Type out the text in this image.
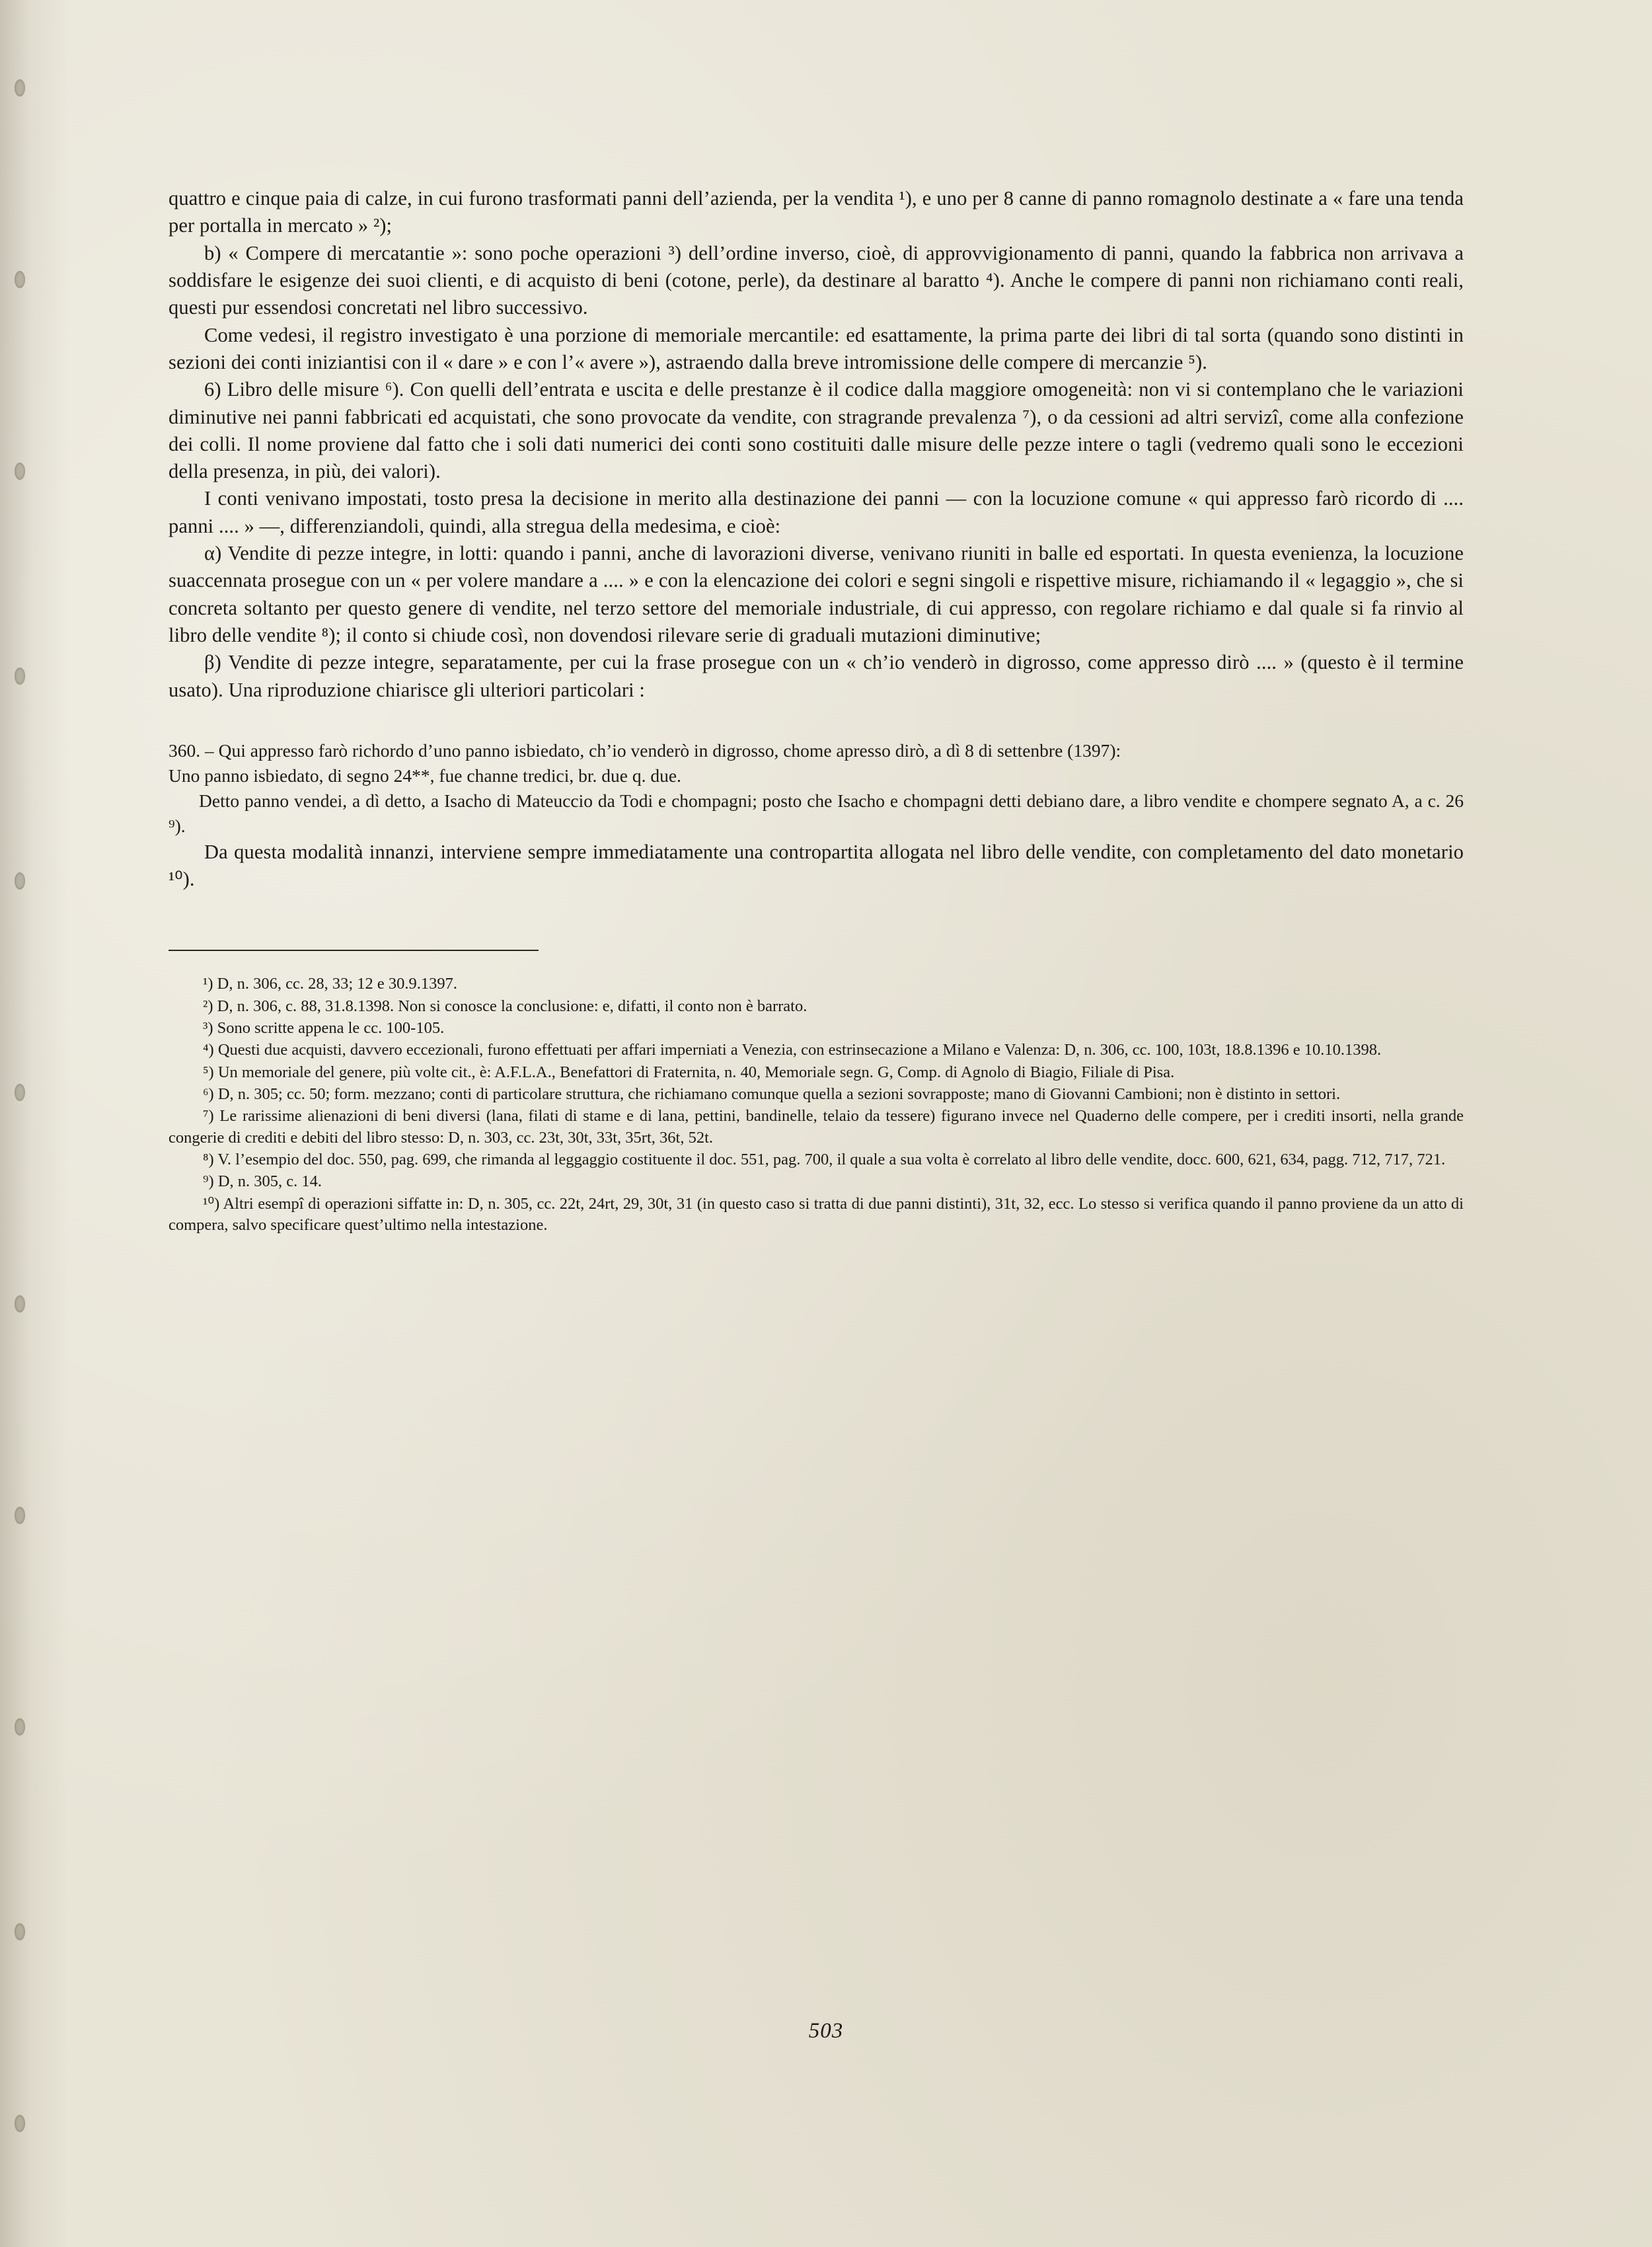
quattro e cinque paia di calze, in cui furono trasformati panni dell’azienda, per la vendita ¹), e uno per 8 canne di panno romagnolo destinate a « fare una tenda per portalla in mercato » ²);

b) « Compere di mercatantie »: sono poche operazioni ³) dell’ordine inverso, cioè, di approvvigionamento di panni, quando la fabbrica non arrivava a soddisfare le esigenze dei suoi clienti, e di acquisto di beni (cotone, perle), da destinare al baratto ⁴). Anche le compere di panni non richiamano conti reali, questi pur essendosi concretati nel libro successivo.

Come vedesi, il registro investigato è una porzione di memoriale mercantile: ed esattamente, la prima parte dei libri di tal sorta (quando sono distinti in sezioni dei conti iniziantisi con il « dare » e con l’« avere »), astraendo dalla breve intromissione delle compere di mercanzie ⁵).

6) Libro delle misure ⁶). Con quelli dell’entrata e uscita e delle prestanze è il codice dalla maggiore omogeneità: non vi si contemplano che le variazioni diminutive nei panni fabbricati ed acquistati, che sono provocate da vendite, con stragrande prevalenza ⁷), o da cessioni ad altri servizî, come alla confezione dei colli. Il nome proviene dal fatto che i soli dati numerici dei conti sono costituiti dalle misure delle pezze intere o tagli (vedremo quali sono le eccezioni della presenza, in più, dei valori).

I conti venivano impostati, tosto presa la decisione in merito alla destinazione dei panni — con la locuzione comune « qui appresso farò ricordo di .... panni .... » —, differenziandoli, quindi, alla stregua della medesima, e cioè:

α) Vendite di pezze integre, in lotti: quando i panni, anche di lavorazioni diverse, venivano riuniti in balle ed esportati. In questa evenienza, la locuzione suaccennata prosegue con un « per volere mandare a .... » e con la elencazione dei colori e segni singoli e rispettive misure, richiamando il « legaggio », che si concreta soltanto per questo genere di vendite, nel terzo settore del memoriale industriale, di cui appresso, con regolare richiamo e dal quale si fa rinvio al libro delle vendite ⁸); il conto si chiude così, non dovendosi rilevare serie di graduali mutazioni diminutive;

β) Vendite di pezze integre, separatamente, per cui la frase prosegue con un « ch’io venderò in digrosso, come appresso dirò .... » (questo è il termine usato). Una riproduzione chiarisce gli ulteriori particolari :

360. – Qui appresso farò richordo d’uno panno isbiedato, ch’io venderò in digrosso, chome apresso dirò, a dì 8 di settenbre (1397):

Uno panno isbiedato, di segno 24**, fue channe tredici, br. due q. due.

Detto panno vendei, a dì detto, a Isacho di Mateuccio da Todi e chompagni; posto che Isacho e chompagni detti debiano dare, a libro vendite e chompere segnato A, a c. 26 ⁹).

Da questa modalità innanzi, interviene sempre immediatamente una contropartita allogata nel libro delle vendite, con completamento del dato monetario ¹⁰).

¹) D, n. 306, cc. 28, 33; 12 e 30.9.1397.

²) D, n. 306, c. 88, 31.8.1398. Non si conosce la conclusione: e, difatti, il conto non è barrato.

³) Sono scritte appena le cc. 100-105.

⁴) Questi due acquisti, davvero eccezionali, furono effettuati per affari imperniati a Venezia, con estrinsecazione a Milano e Valenza: D, n. 306, cc. 100, 103t, 18.8.1396 e 10.10.1398.

⁵) Un memoriale del genere, più volte cit., è: A.F.L.A., Benefattori di Fraternita, n. 40, Memoriale segn. G, Comp. di Agnolo di Biagio, Filiale di Pisa.

⁶) D, n. 305; cc. 50; form. mezzano; conti di particolare struttura, che richiamano comunque quella a sezioni sovrapposte; mano di Giovanni Cambioni; non è distinto in settori.

⁷) Le rarissime alienazioni di beni diversi (lana, filati di stame e di lana, pettini, bandinelle, telaio da tessere) figurano invece nel Quaderno delle compere, per i crediti insorti, nella grande congerie di crediti e debiti del libro stesso: D, n. 303, cc. 23t, 30t, 33t, 35rt, 36t, 52t.

⁸) V. l’esempio del doc. 550, pag. 699, che rimanda al leggaggio costituente il doc. 551, pag. 700, il quale a sua volta è correlato al libro delle vendite, docc. 600, 621, 634, pagg. 712, 717, 721.

⁹) D, n. 305, c. 14.

¹⁰) Altri esempî di operazioni siffatte in: D, n. 305, cc. 22t, 24rt, 29, 30t, 31 (in questo caso si tratta di due panni distinti), 31t, 32, ecc. Lo stesso si verifica quando il panno proviene da un atto di compera, salvo specificare quest’ultimo nella intestazione.

503
